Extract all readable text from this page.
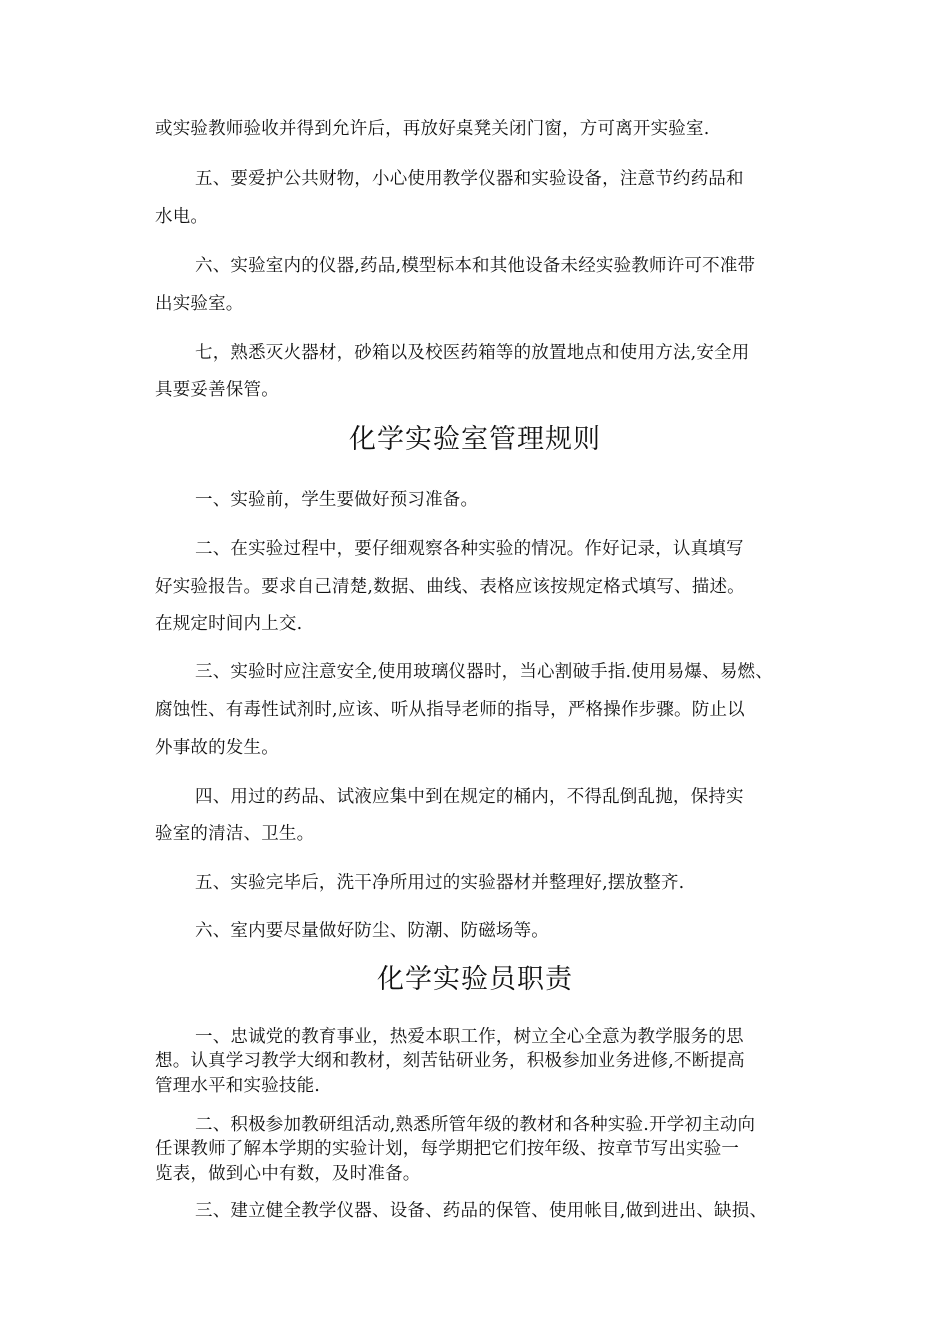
或实验教师验收并得到允许后，再放好桌凳关闭门窗，方可离开实验室.
五、要爱护公共财物，小心使用教学仪器和实验设备，注意节约药品和
水电。
六、实验室内的仪器,药品,模型标本和其他设备未经实验教师许可不准带
出实验室。
七，熟悉灭火器材，砂箱以及校医药箱等的放置地点和使用方法,安全用
具要妥善保管。
化学实验室管理规则
一、实验前，学生要做好预习准备。
二、在实验过程中，要仔细观察各种实验的情况。作好记录，认真填写
好实验报告。要求自己清楚,数据、曲线、表格应该按规定格式填写、描述。
在规定时间内上交.
三、实验时应注意安全,使用玻璃仪器时，当心割破手指.使用易爆、易燃、
腐蚀性、有毒性试剂时,应该、听从指导老师的指导，严格操作步骤。防止以
外事故的发生。
四、用过的药品、试液应集中到在规定的桶内，不得乱倒乱抛，保持实
验室的清洁、卫生。
五、实验完毕后，洗干净所用过的实验器材并整理好,摆放整齐.
六、室内要尽量做好防尘、防潮、防磁场等。
化学实验员职责
一、忠诚党的教育事业，热爱本职工作，树立全心全意为教学服务的思
想。认真学习教学大纲和教材，刻苦钻研业务，积极参加业务进修,不断提高
管理水平和实验技能.
二、积极参加教研组活动,熟悉所管年级的教材和各种实验.开学初主动向
任课教师了解本学期的实验计划，每学期把它们按年级、按章节写出实验一
览表，做到心中有数，及时准备。
三、建立健全教学仪器、设备、药品的保管、使用帐目,做到进出、缺损、
